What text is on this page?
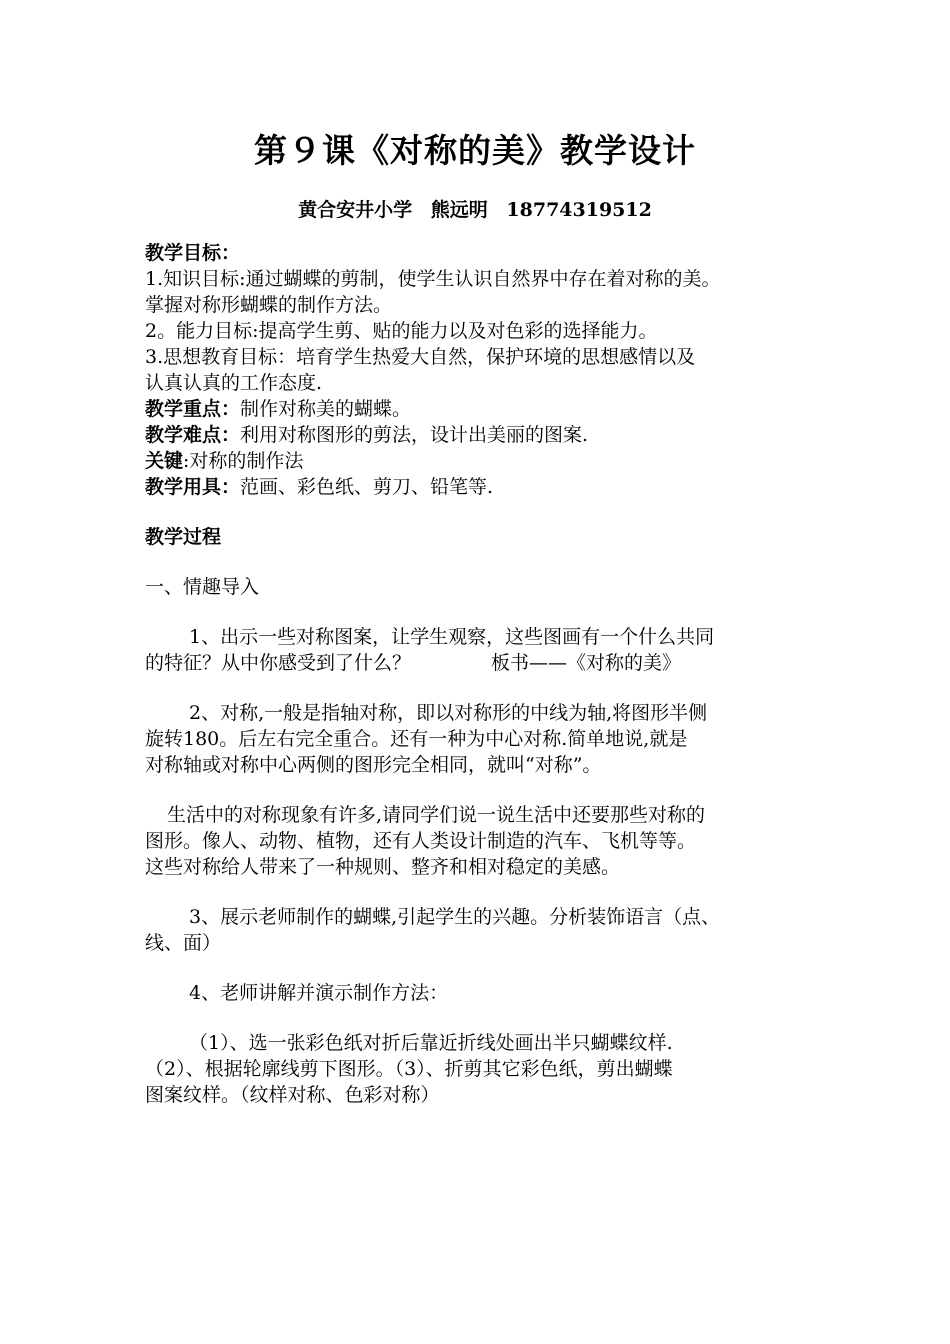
第９课《对称的美》教学设计
黄合安井小学 熊远明 18774319512

教学目标：

1.知识目标:通过蝴蝶的剪制，使学生认识自然界中存在着对称的美。

掌握对称形蝴蝶的制作方法。

2。能力目标:提高学生剪、贴的能力以及对色彩的选择能力。

3.思想教育目标：培育学生热爱大自然，保护环境的思想感情以及

认真认真的工作态度.

教学重点：制作对称美的蝴蝶。

教学难点：利用对称图形的剪法，设计出美丽的图案.

关键:对称的制作法

教学用具：范画、彩色纸、剪刀、铅笔等.

教学过程

一、情趣导入

1、出示一些对称图案，让学生观察，这些图画有一个什么共同

的特征？从中你感受到了什么？	板书——《对称的美》

2、对称,一般是指轴对称，即以对称形的中线为轴,将图形半侧

旋转180。后左右完全重合。还有一种为中心对称.简单地说,就是

对称轴或对称中心两侧的图形完全相同，就叫“对称”。

生活中的对称现象有许多,请同学们说一说生活中还要那些对称的

图形。像人、动物、植物，还有人类设计制造的汽车、飞机等等。

这些对称给人带来了一种规则、整齐和相对稳定的美感。

3、展示老师制作的蝴蝶,引起学生的兴趣。分析装饰语言（点、

线、面）

4、老师讲解并演示制作方法：

（1）、选一张彩色纸对折后靠近折线处画出半只蝴蝶纹样.

（2）、根据轮廓线剪下图形。（3）、折剪其它彩色纸，剪出蝴蝶

图案纹样。（纹样对称、色彩对称）
